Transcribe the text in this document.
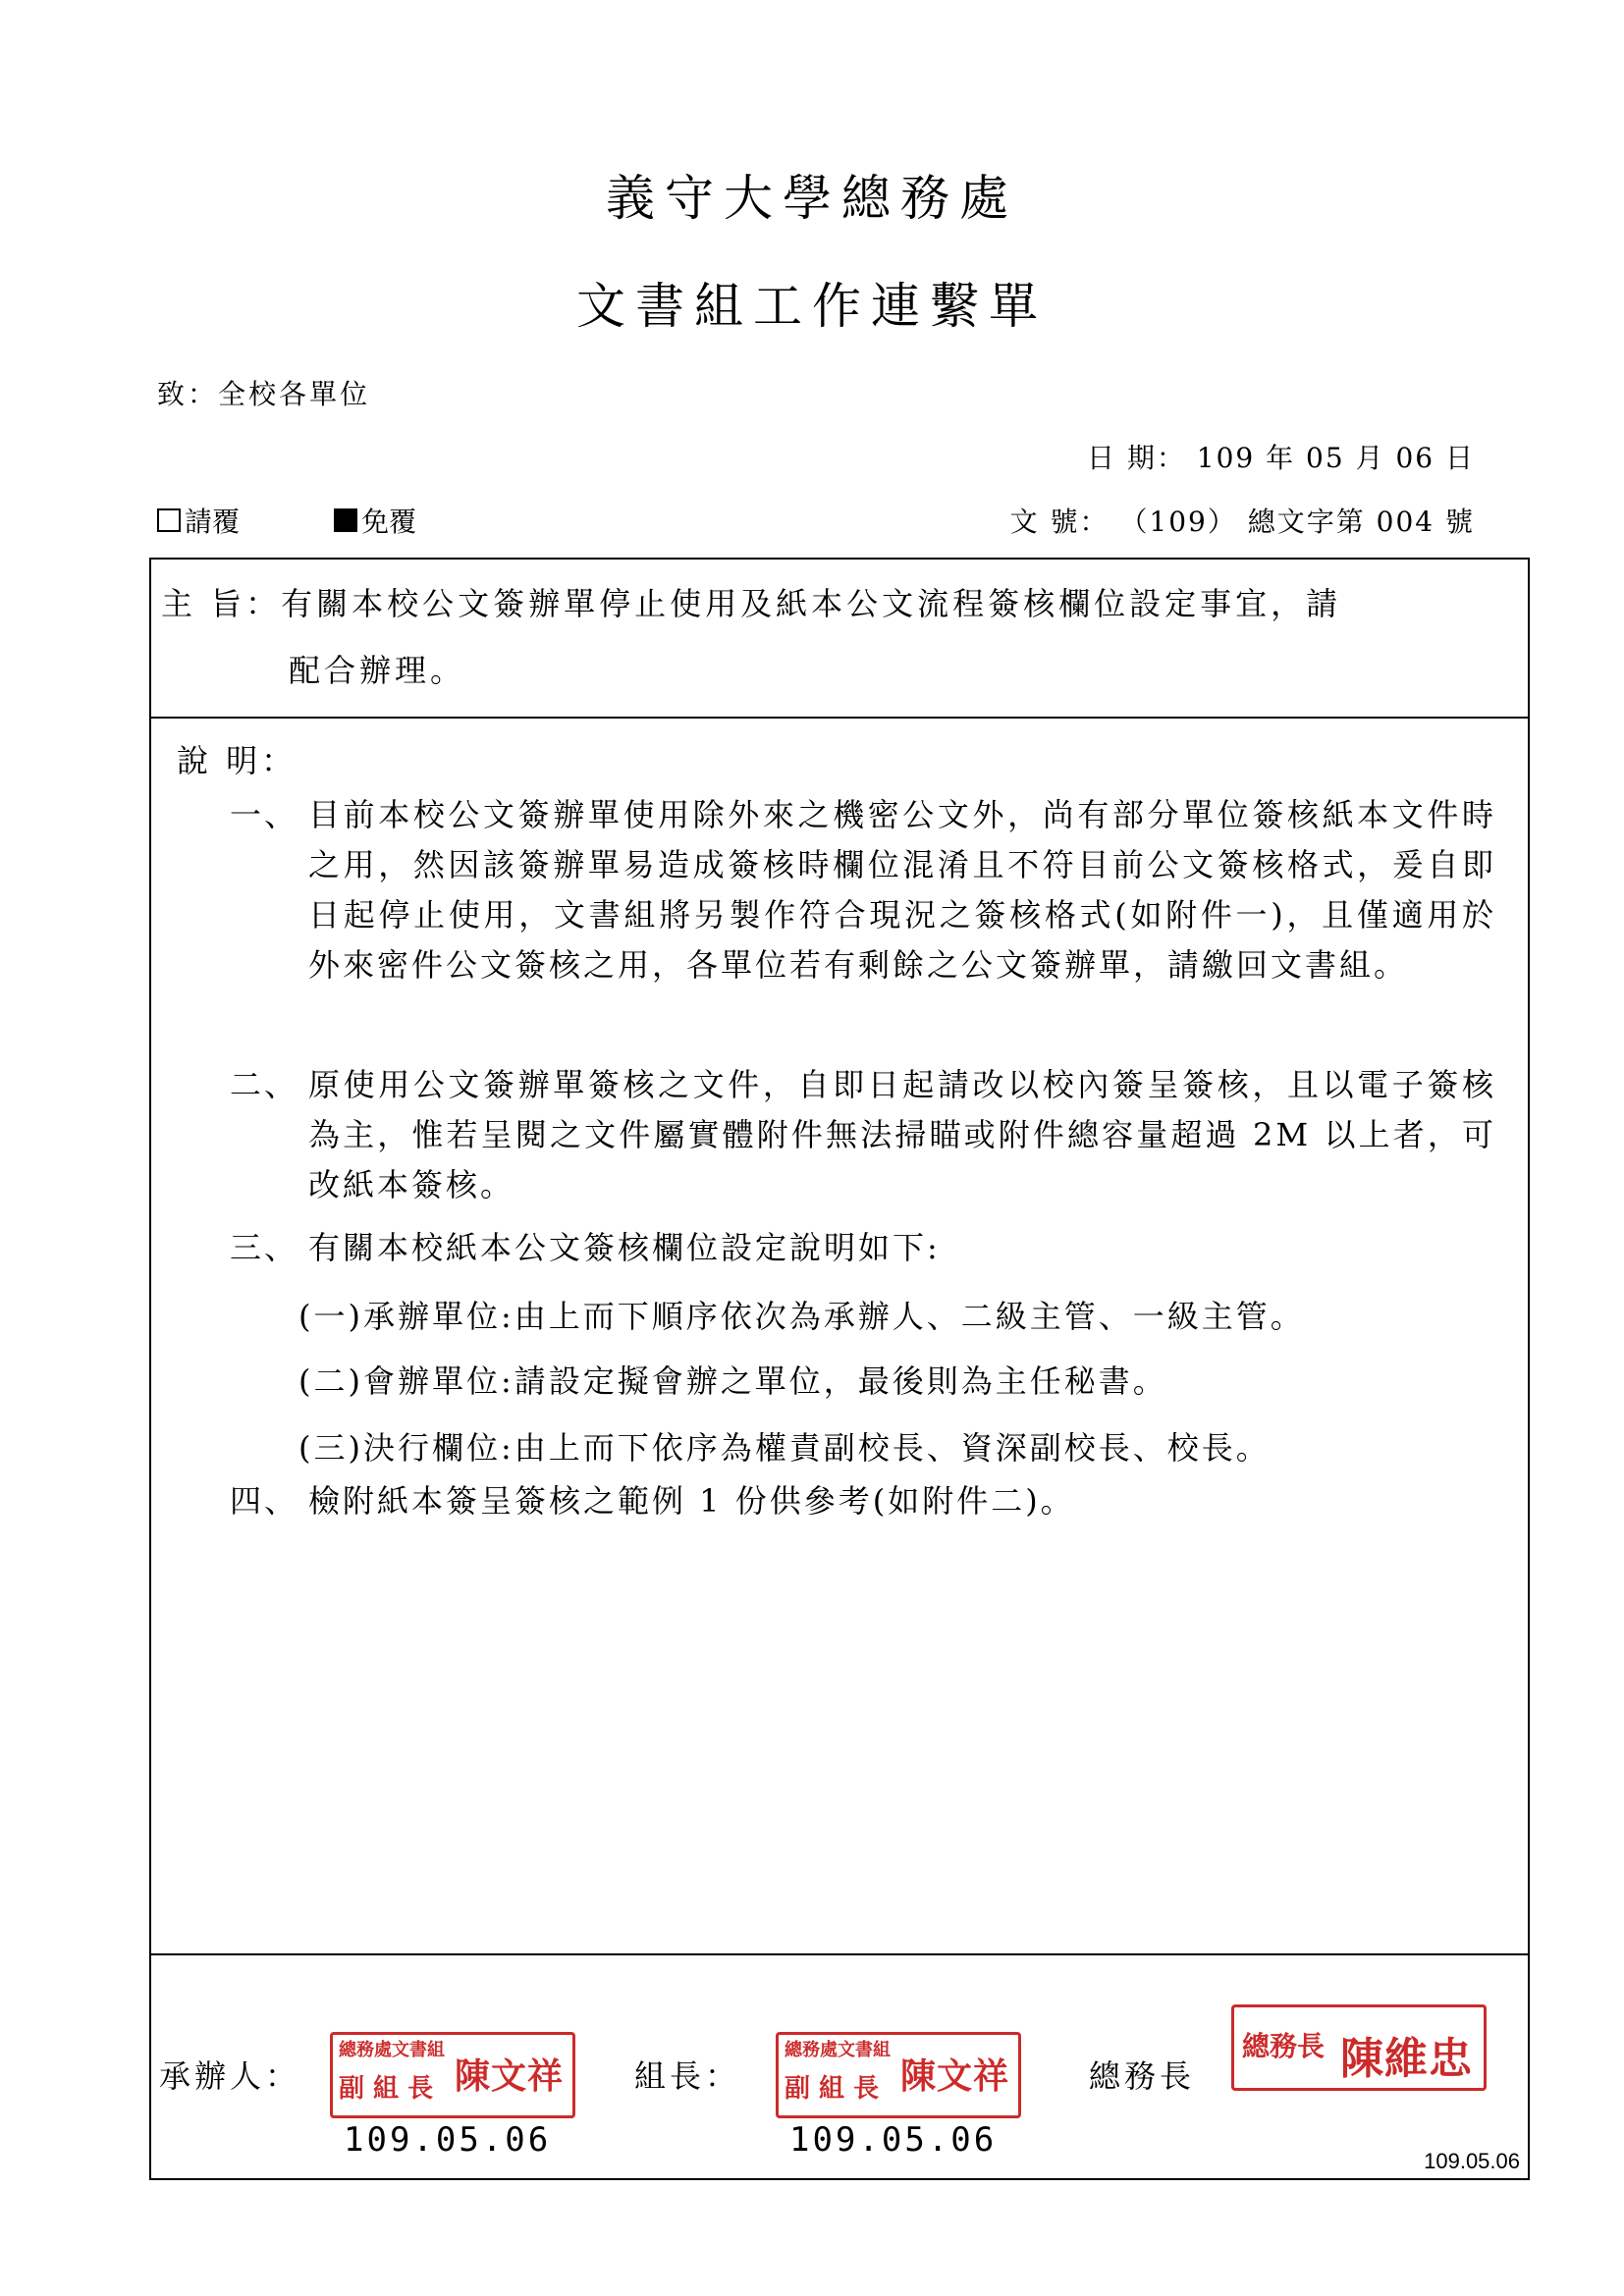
義守大學總務處
文書組工作連繫單
致：全校各單位
日 期： 109 年 05 月 06 日
請覆	免覆	文 號： （109） 總文字第 004 號
主 旨：有關本校公文簽辦單停止使用及紙本公文流程簽核欄位設定事宜，請
配合辦理。
說 明：
一、 目前本校公文簽辦單使用除外來之機密公文外，尚有部分單位簽核紙本文件時之用，然因該簽辦單易造成簽核時欄位混淆且不符目前公文簽核格式，爰自即日起停止使用，文書組將另製作符合現況之簽核格式(如附件一)，且僅適用於外來密件公文簽核之用，各單位若有剩餘之公文簽辦單，請繳回文書組。
二、 原使用公文簽辦單簽核之文件，自即日起請改以校內簽呈簽核，且以電子簽核為主，惟若呈閱之文件屬實體附件無法掃瞄或附件總容量超過 2M 以上者，可改紙本簽核。
三、 有關本校紙本公文簽核欄位設定說明如下:
(一)承辦單位:由上而下順序依次為承辦人、二級主管、一級主管。
(二)會辦單位:請設定擬會辦之單位，最後則為主任秘書。
(三)決行欄位:由上而下依序為權責副校長、資深副校長、校長。
四、 檢附紙本簽呈簽核之範例 1 份供參考(如附件二)。
承辦人：
總務處文書組
副 組 長 陳文祥
109.05.06
組長：
總務處文書組
副 組 長 陳文祥
109.05.06
總務長
總務長 陳維忠
109.05.06
